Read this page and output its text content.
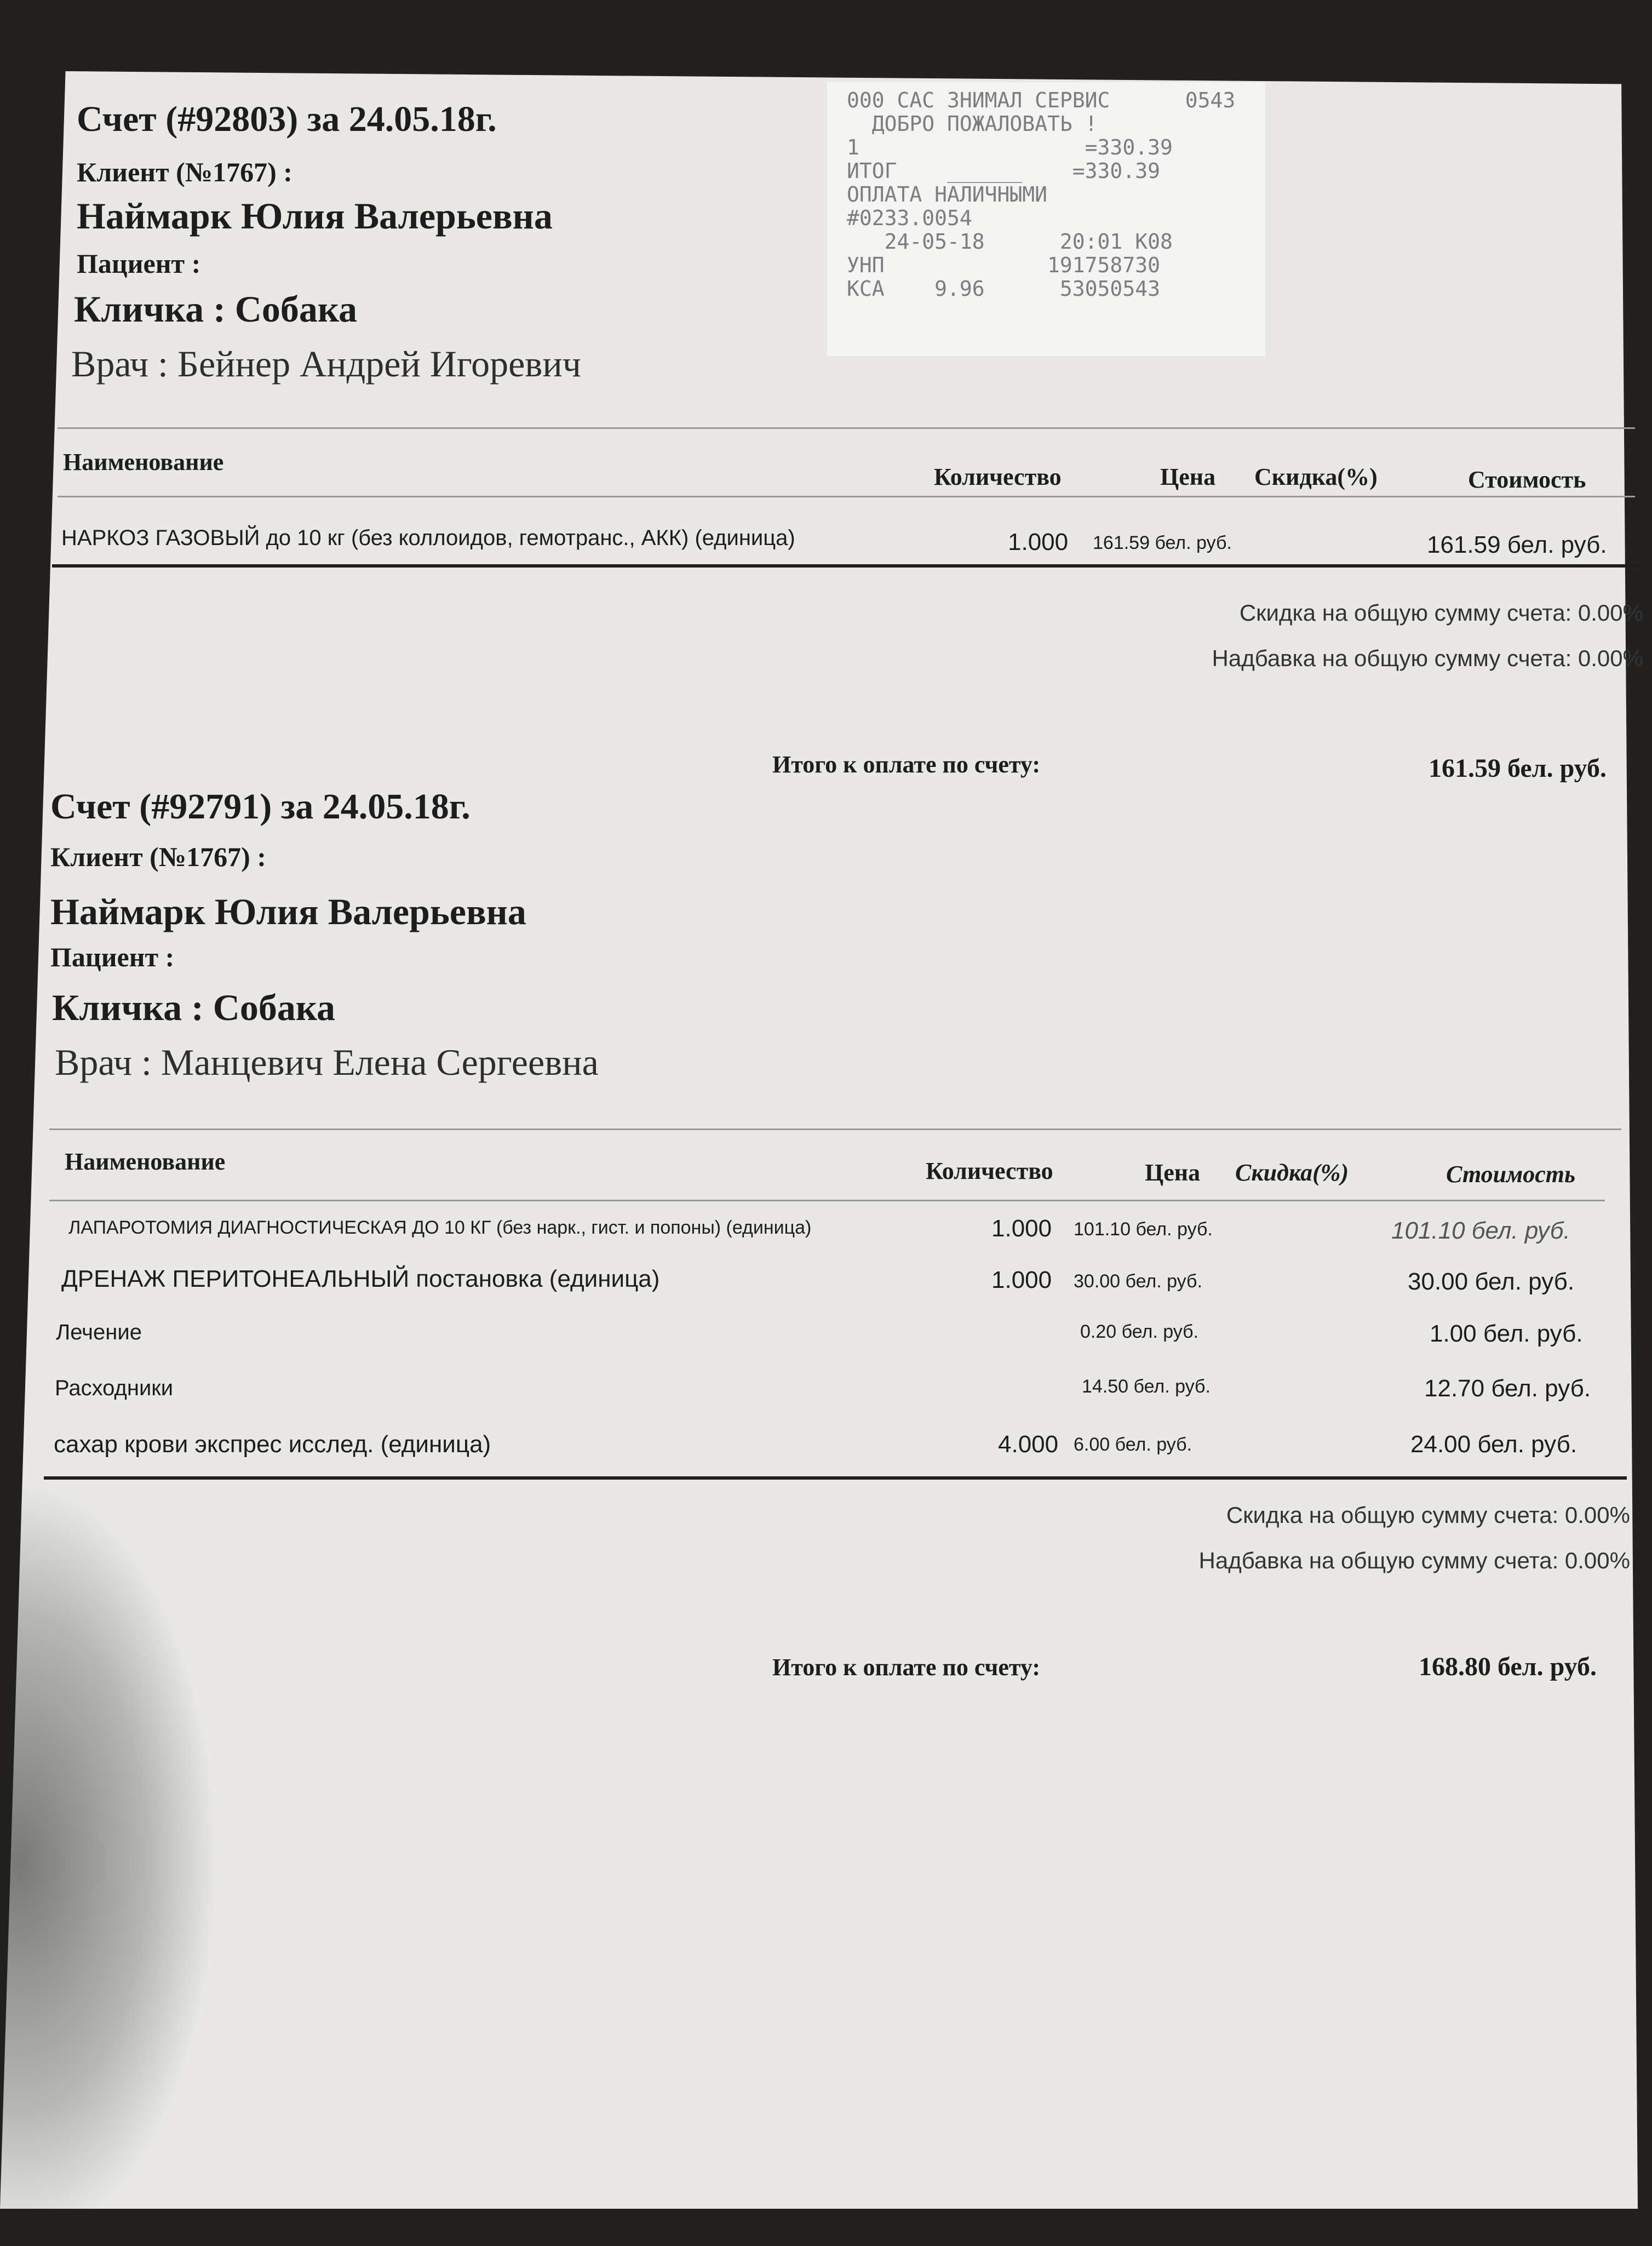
000 САС ЗНИМАЛ СЕРВИС      0543
ДОБРО ПОЖАЛОВАТЬ !
1                  =330.39
ИТОГ    ______    =330.39
ОПЛАТА НАЛИЧНЫМИ
#0233.0054
24-05-18      20:01 К08
УНП             191758730
КСА    9.96      53050543
Счет (#92803) за 24.05.18г.
Клиент (№1767) :
Наймарк Юлия Валерьевна
Пациент :
Кличка : Собака
Врач : Бейнер Андрей Игоревич
Наименование
Количество	Цена Скидка(%)	Стоимость
НАРКОЗ ГАЗОВЫЙ до 10 кг (без коллоидов, гемотранс., АКК) (единица)	1.000 161.59 бел. руб.	161.59 бел. руб.
Скидка на общую сумму счета: 0.00%
Надбавка на общую сумму счета: 0.00%
Итого к оплате по счету:	161.59 бел. руб.
Счет (#92791) за 24.05.18г.
Клиент (№1767) :
Наймарк Юлия Валерьевна
Пациент :
Кличка : Собака
Врач : Манцевич Елена Сергеевна
Наименование	Количество	Цена Скидка(%)	Стоимость
ЛАПАРОТОМИЯ ДИАГНОСТИЧЕСКАЯ ДО 10 КГ (без нарк., гист. и попоны) (единица)	1.000 101.10 бел. руб.	101.10 бел. руб.
ДРЕНАЖ ПЕРИТОНЕАЛЬНЫЙ постановка (единица)	1.000 30.00 бел. руб.	30.00 бел. руб.
Лечение	0.20 бел. руб.	1.00 бел. руб.
Расходники	14.50 бел. руб.	12.70 бел. руб.
сахар крови экспрес исслед. (единица)	4.000 6.00 бел. руб.	24.00 бел. руб.
Скидка на общую сумму счета: 0.00%
Надбавка на общую сумму счета: 0.00%
Итого к оплате по счету:	168.80 бел. руб.
